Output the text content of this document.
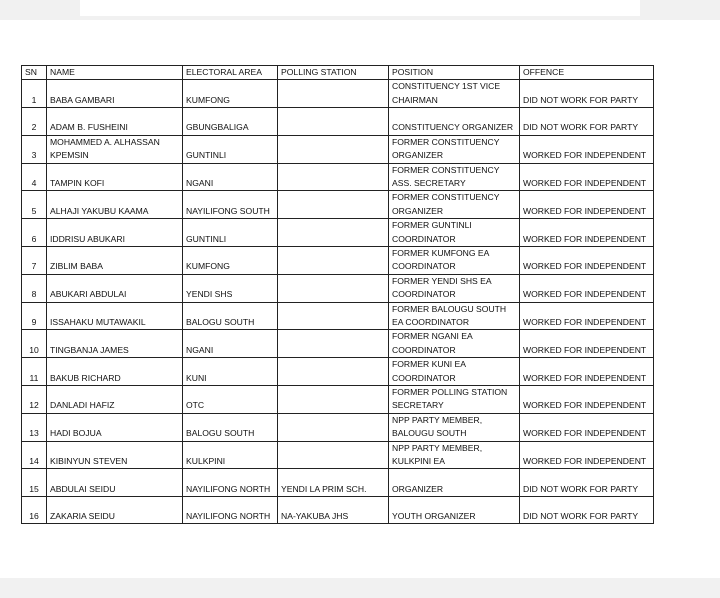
SN	NAME	ELECTORAL AREA	POLLING STATION	POSITION	OFFENCE
1	BABA GAMBARI	KUMFONG		CONSTITUENCY 1ST VICE CHAIRMAN	DID NOT WORK FOR PARTY
2	ADAM B. FUSHEINI	GBUNGBALIGA		CONSTITUENCY ORGANIZER	DID NOT WORK FOR PARTY
3	MOHAMMED A. ALHASSAN KPEMSIN	GUNTINLI		FORMER CONSTITUENCY ORGANIZER	WORKED FOR INDEPENDENT
4	TAMPIN KOFI	NGANI		FORMER CONSTITUENCY ASS. SECRETARY	WORKED FOR INDEPENDENT
5	ALHAJI YAKUBU KAAMA	NAYILIFONG SOUTH		FORMER CONSTITUENCY ORGANIZER	WORKED FOR INDEPENDENT
6	IDDRISU ABUKARI	GUNTINLI		FORMER GUNTINLI COORDINATOR	WORKED FOR INDEPENDENT
7	ZIBLIM BABA	KUMFONG		FORMER KUMFONG EA COORDINATOR	WORKED FOR INDEPENDENT
8	ABUKARI ABDULAI	YENDI SHS		FORMER YENDI SHS EA COORDINATOR	WORKED FOR INDEPENDENT
9	ISSAHAKU MUTAWAKIL	BALOGU SOUTH		FORMER BALOUGU SOUTH EA COORDINATOR	WORKED FOR INDEPENDENT
10	TINGBANJA JAMES	NGANI		FORMER NGANI EA COORDINATOR	WORKED FOR INDEPENDENT
11	BAKUB RICHARD	KUNI		FORMER KUNI EA COORDINATOR	WORKED FOR INDEPENDENT
12	DANLADI HAFIZ	OTC		FORMER POLLING STATION SECRETARY	WORKED FOR INDEPENDENT
13	HADI BOJUA	BALOGU SOUTH		NPP PARTY MEMBER, BALOUGU SOUTH	WORKED FOR INDEPENDENT
14	KIBINYUN STEVEN	KULKPINI		NPP PARTY MEMBER, KULKPINI EA	WORKED FOR INDEPENDENT
15	ABDULAI SEIDU	NAYILIFONG NORTH	YENDI LA PRIM SCH.	ORGANIZER	DID NOT WORK FOR PARTY
16	ZAKARIA SEIDU	NAYILIFONG NORTH	NA-YAKUBA JHS	YOUTH ORGANIZER	DID NOT WORK FOR PARTY
